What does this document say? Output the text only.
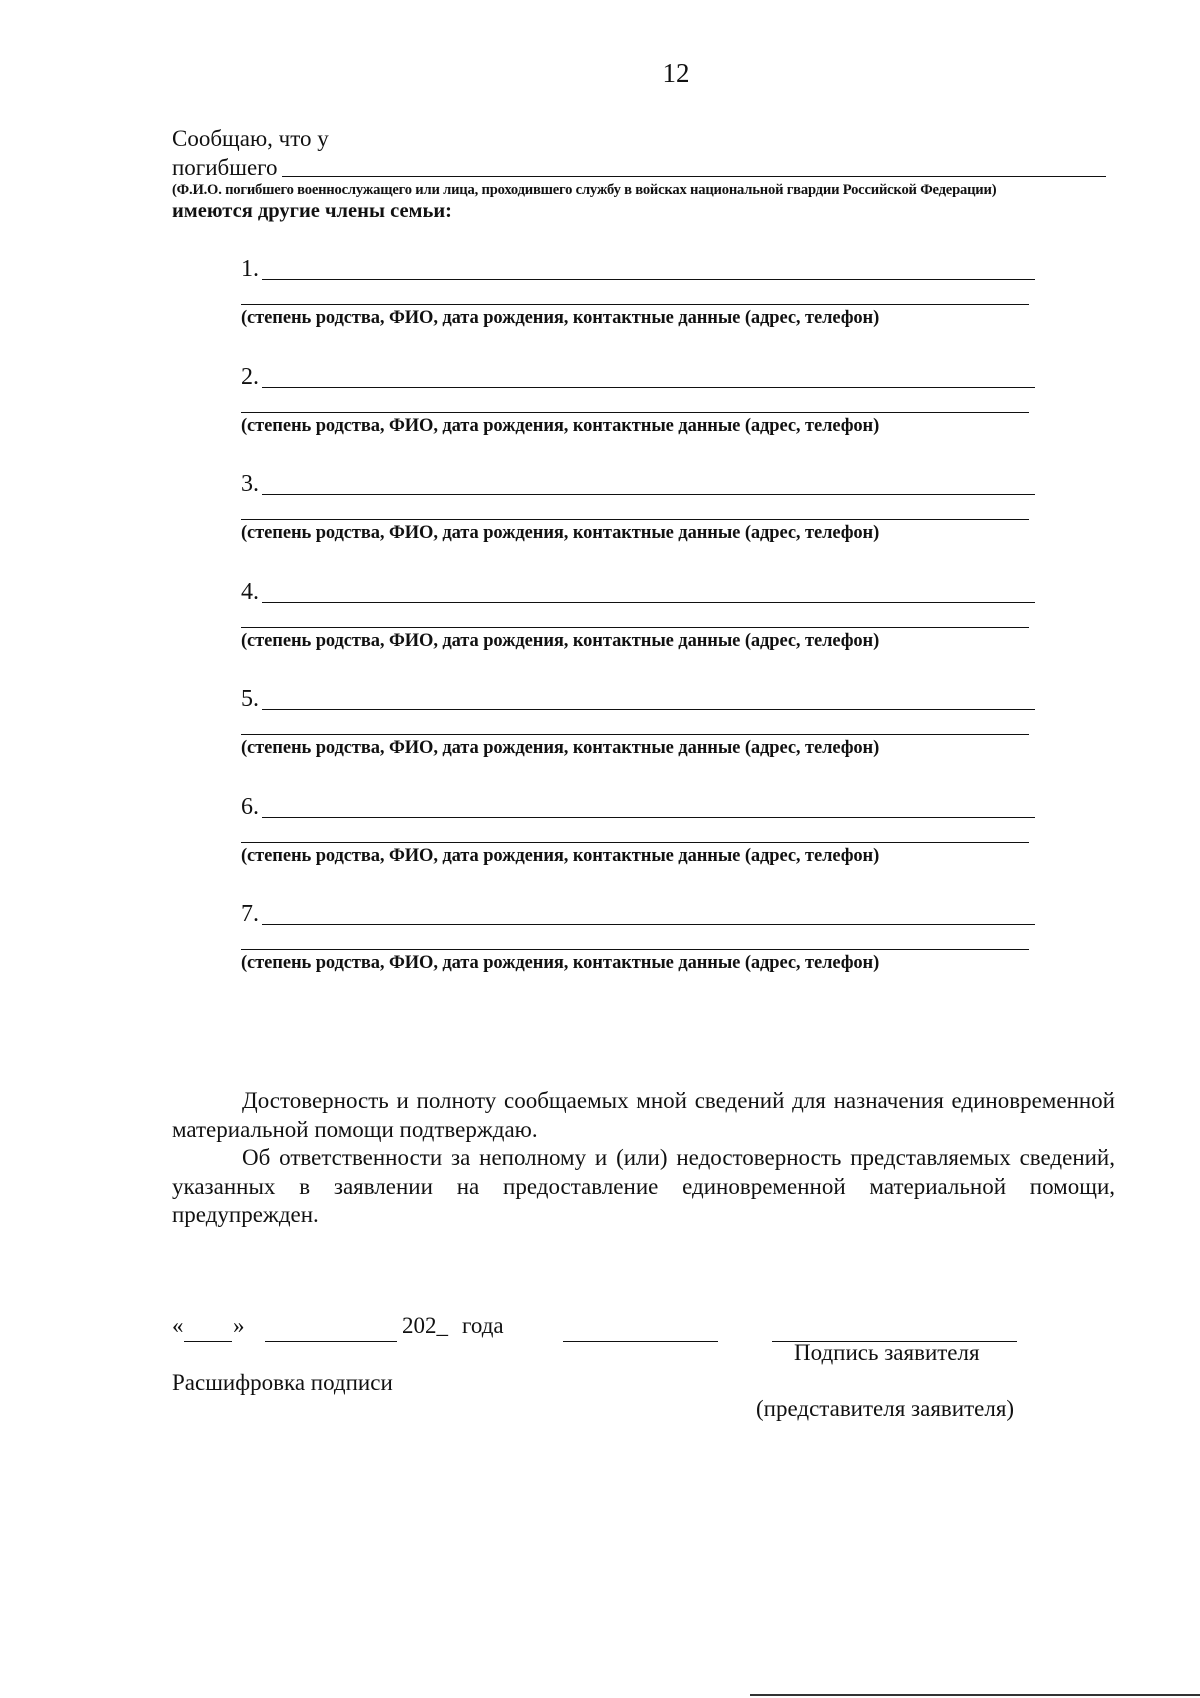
12
Сообщаю, что у
погибшего
(Ф.И.О. погибшего военнослужащего или лица, проходившего службу в войсках национальной гвардии Российской Федерации)
имеются другие члены семьи:
1.
(степень родства, ФИО, дата рождения, контактные данные (адрес, телефон)
2.
(степень родства, ФИО, дата рождения, контактные данные (адрес, телефон)
3.
(степень родства, ФИО, дата рождения, контактные данные (адрес, телефон)
4.
(степень родства, ФИО, дата рождения, контактные данные (адрес, телефон)
5.
(степень родства, ФИО, дата рождения, контактные данные (адрес, телефон)
6.
(степень родства, ФИО, дата рождения, контактные данные (адрес, телефон)
7.
(степень родства, ФИО, дата рождения, контактные данные (адрес, телефон)

Достоверность и полноту сообщаемых мной сведений для назначения единовременной материальной помощи подтверждаю.

Об ответственности за неполному и (или) недостоверность представляемых сведений, указанных в заявлении на предоставление единовременной материальной помощи, предупрежден.

« »	202_ года
Подпись заявителя
Расшифровка подписи
(представителя заявителя)
